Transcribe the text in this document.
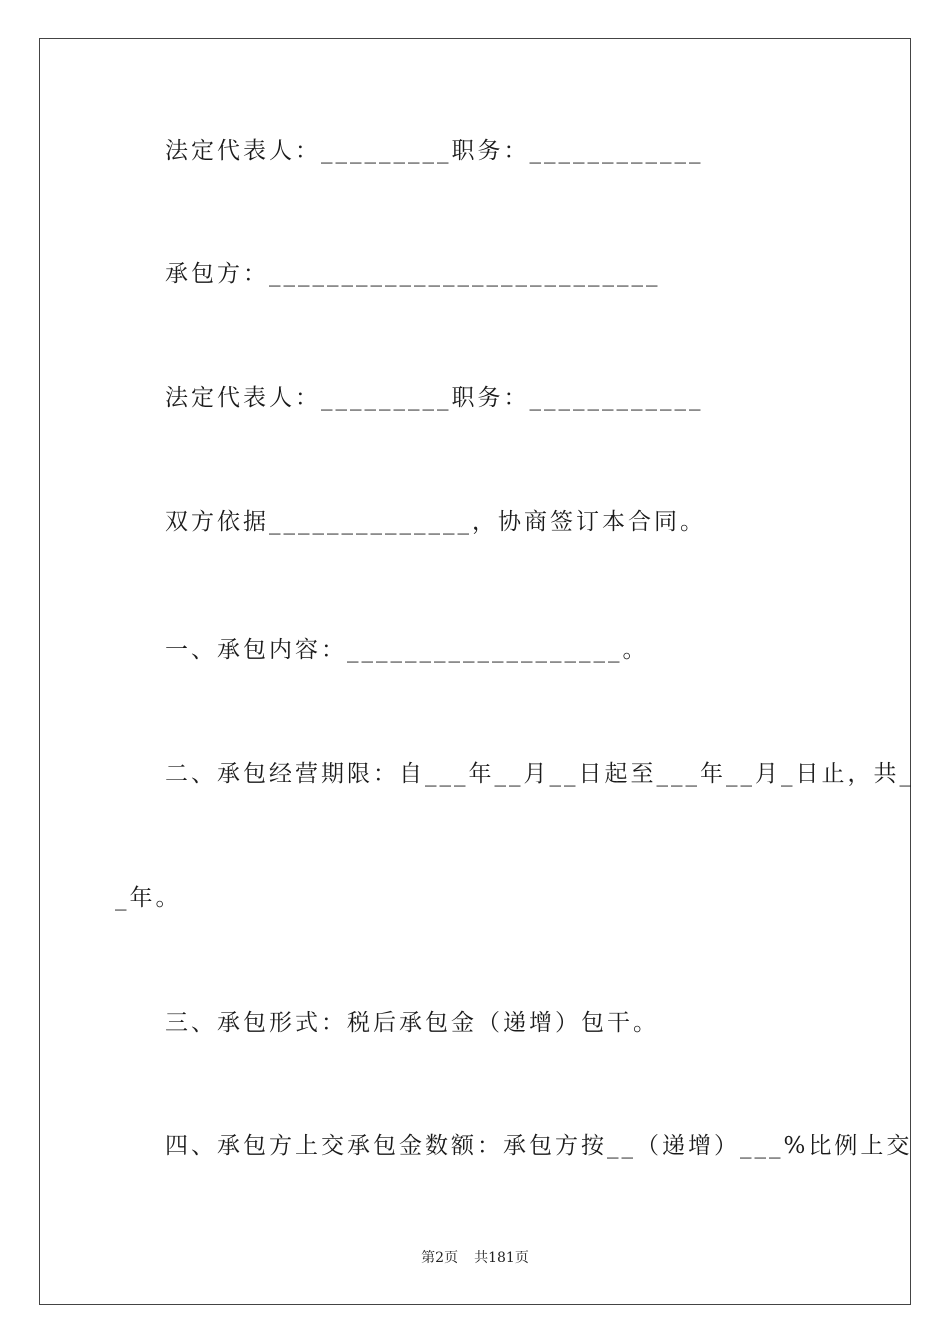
法定代表人：_________职务：____________
承包方：___________________________
法定代表人：_________职务：____________
双方依据______________，协商签订本合同。
一、承包内容：___________________。
二、承包经营期限：自___年__月__日起至___年__月_日止，共_
_年。
三、承包形式：税后承包金（递增）包干。
四、承包方上交承包金数额：承包方按__（递增）___%比例上交
第2页 共181页
